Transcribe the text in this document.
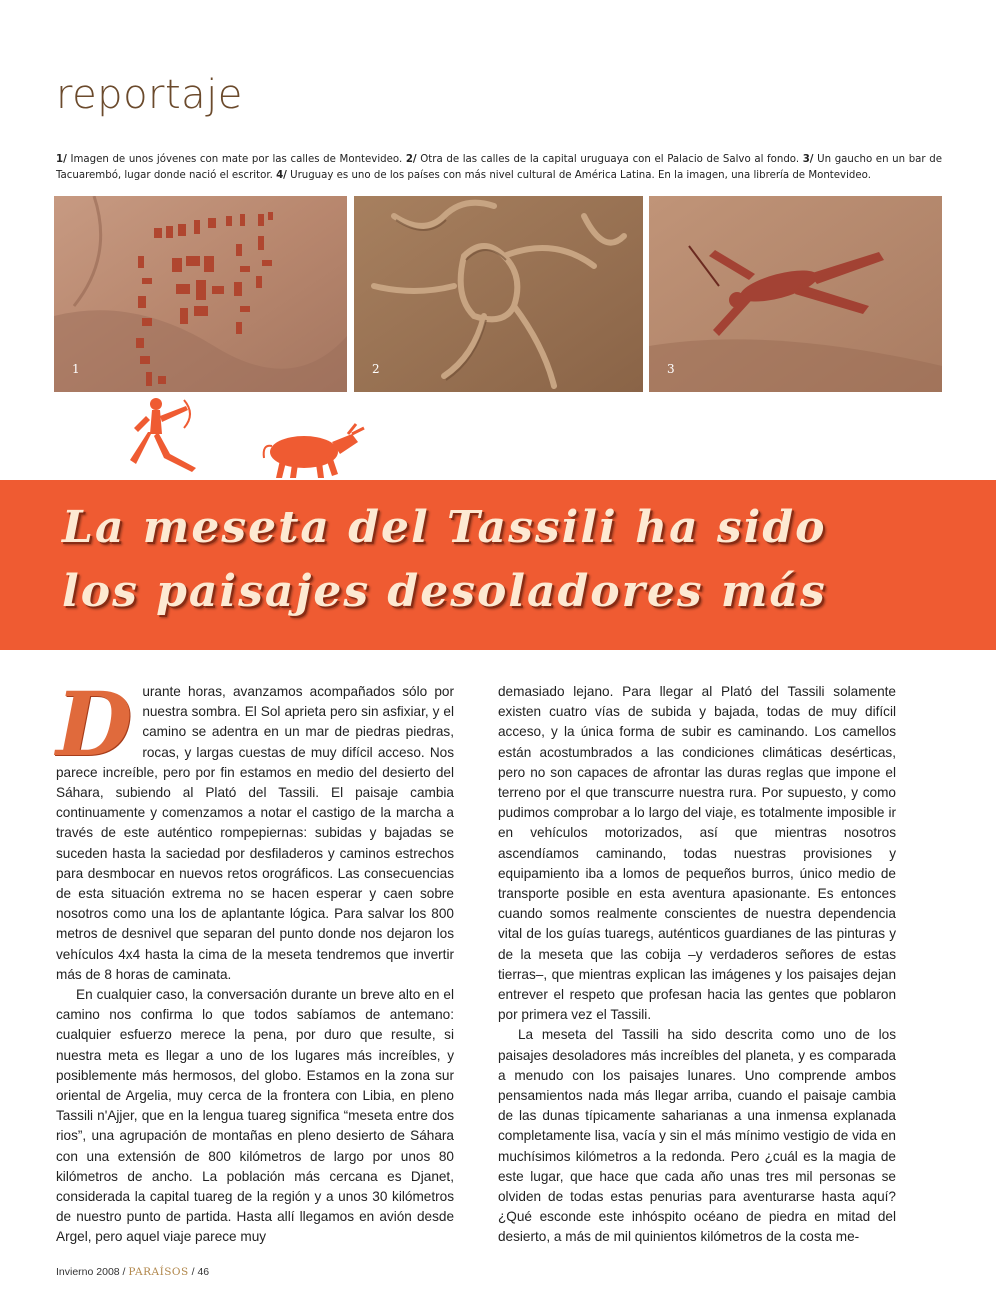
reportaje

1/ Imagen de unos jóvenes con mate por las calles de Montevideo. 2/ Otra de las calles de la capital uruguaya con el Palacio de Salvo al fondo. 3/ Un gaucho en un bar de Tacuarembó, lugar donde nació el escritor. 4/ Uruguay es uno de los países con más nivel cultural de América Latina. En la imagen, una librería de Montevideo.

1	2	3
La meseta del Tassili ha sido
los paisajes desoladores más

Durante horas, avanzamos acompañados sólo por nuestra sombra. El Sol aprieta pero sin asfixiar, y el camino se adentra en un mar de piedras piedras, rocas, y largas cuestas de muy difícil acceso. Nos parece increíble, pero por fin estamos en medio del desierto del Sáhara, subiendo al Plató del Tassili. El paisaje cambia continuamente y comenzamos a notar el castigo de la marcha a través de este auténtico rompepiernas: subidas y bajadas se suceden hasta la saciedad por desfiladeros y caminos estrechos para desmbocar en nuevos retos orográficos. Las consecuencias de esta situación extrema no se hacen esperar y caen sobre nosotros como una los de aplantante lógica. Para salvar los 800 metros de desnivel que separan del punto donde nos dejaron los vehículos 4x4 hasta la cima de la meseta tendremos que invertir más de 8 horas de caminata.

En cualquier caso, la conversación durante un breve alto en el camino nos confirma lo que todos sabíamos de antemano: cualquier esfuerzo merece la pena, por duro que resulte, si nuestra meta es llegar a uno de los lugares más increíbles, y posiblemente más hermosos, del globo. Estamos en la zona sur oriental de Argelia, muy cerca de la frontera con Libia, en pleno Tassili n'Ajjer, que en la lengua tuareg significa “meseta entre dos rios”, una agrupación de montañas en pleno desierto de Sáhara con una extensión de 800 kilómetros de largo por unos 80 kilómetros de ancho. La población más cercana es Djanet, considerada la capital tuareg de la región y a unos 30 kilómetros de nuestro punto de partida. Hasta allí llegamos en avión desde Argel, pero aquel viaje parece muy

demasiado lejano. Para llegar al Plató del Tassili solamente existen cuatro vías de subida y bajada, todas de muy difícil acceso, y la única forma de subir es caminando. Los camellos están acostumbrados a las condiciones climáticas desérticas, pero no son capaces de afrontar las duras reglas que impone el terreno por el que transcurre nuestra rura. Por supuesto, y como pudimos comprobar a lo largo del viaje, es totalmente imposible ir en vehículos motorizados, así que mientras nosotros ascendíamos caminando, todas nuestras provisiones y equipamiento iba a lomos de pequeños burros, único medio de transporte posible en esta aventura apasionante. Es entonces cuando somos realmente conscientes de nuestra dependencia vital de los guías tuaregs, auténticos guardianes de las pinturas y de la meseta que las cobija –y verdaderos señores de estas tierras–, que mientras explican las imágenes y los paisajes dejan entrever el respeto que profesan hacia las gentes que poblaron por primera vez el Tassili.

La meseta del Tassili ha sido descrita como uno de los paisajes desoladores más increíbles del planeta, y es comparada a menudo con los paisajes lunares. Uno comprende ambos pensamientos nada más llegar arriba, cuando el paisaje cambia de las dunas típicamente saharianas a una inmensa explanada completamente lisa, vacía y sin el más mínimo vestigio de vida en muchísimos kilómetros a la redonda. Pero ¿cuál es la magia de este lugar, que hace que cada año unas tres mil personas se olviden de todas estas penurias para aventurarse hasta aquí? ¿Qué esconde este inhóspito océano de piedra en mitad del desierto, a más de mil quinientos kilómetros de la costa me-

Invierno 2008 / PARAÍSOS / 46
